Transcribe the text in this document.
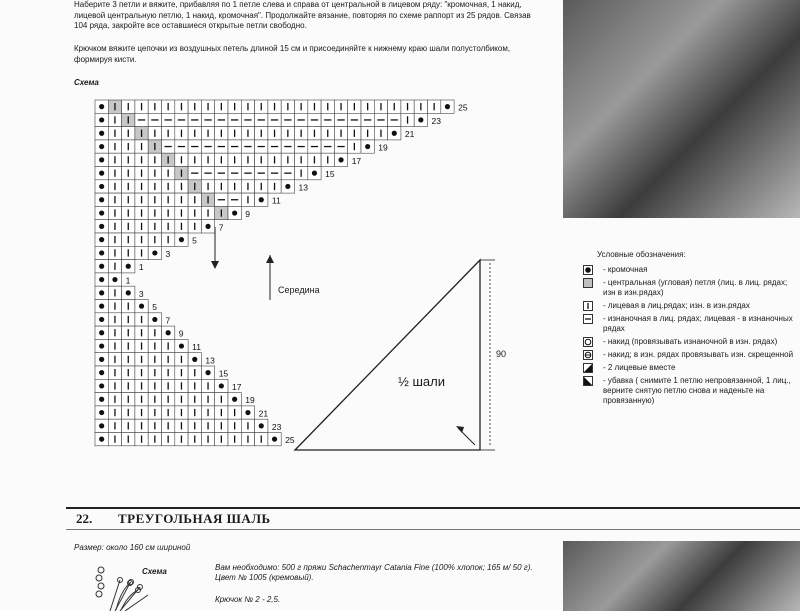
Наберите 3 петли и вяжите, прибавляя по 1 петле слева и справа от центральной в лицевом ряду: "кромочная, 1 накид, лицевой центральную петлю, 1 накид, кромочная". Продолжайте вязание, повторяя по схеме раппорт из 25 рядов. Связав 104 ряда, закройте все оставшиеся открытые петли свободно.
Крючком вяжите цепочки из воздушных петель длиной 15 см и присоединяйте к нижнему краю шали полустолбиком, формируя кисти.
Схема
25
23
21
19
17
15
13
11
9
7
5
3
1
1
3
5
7
9
11
13
15
17
19
21
23
25
Середина
½ шали
90
Условные обозначения:
- кромочная
- центральная (угловая) петля (лиц. в лиц. рядах; изн в изн.рядах)
- лицевая в лиц.рядах; изн. в изн.рядах
- изнаночная в лиц. рядах; лицевая - в изнаночных рядах
- накид (провязывать изнаночной в изн. рядах)
- накид; в изн. рядах провязывать изн. скрещенной
- 2 лицевые вместе
- убавка ( снимите 1 петлю непровязанной, 1 лиц., верните снятую петлю снова и наденьте на провязанную)
22. ТРЕУГОЛЬНАЯ ШАЛЬ
Размер: около 160 см шириной
Схема	Вам необходимо: 500 г пряжи Schachenmayr Catania Fine (100% хлопок; 165 м/ 50 г). Цвет № 1005 (кремовый).
Крючок № 2 - 2,5.
